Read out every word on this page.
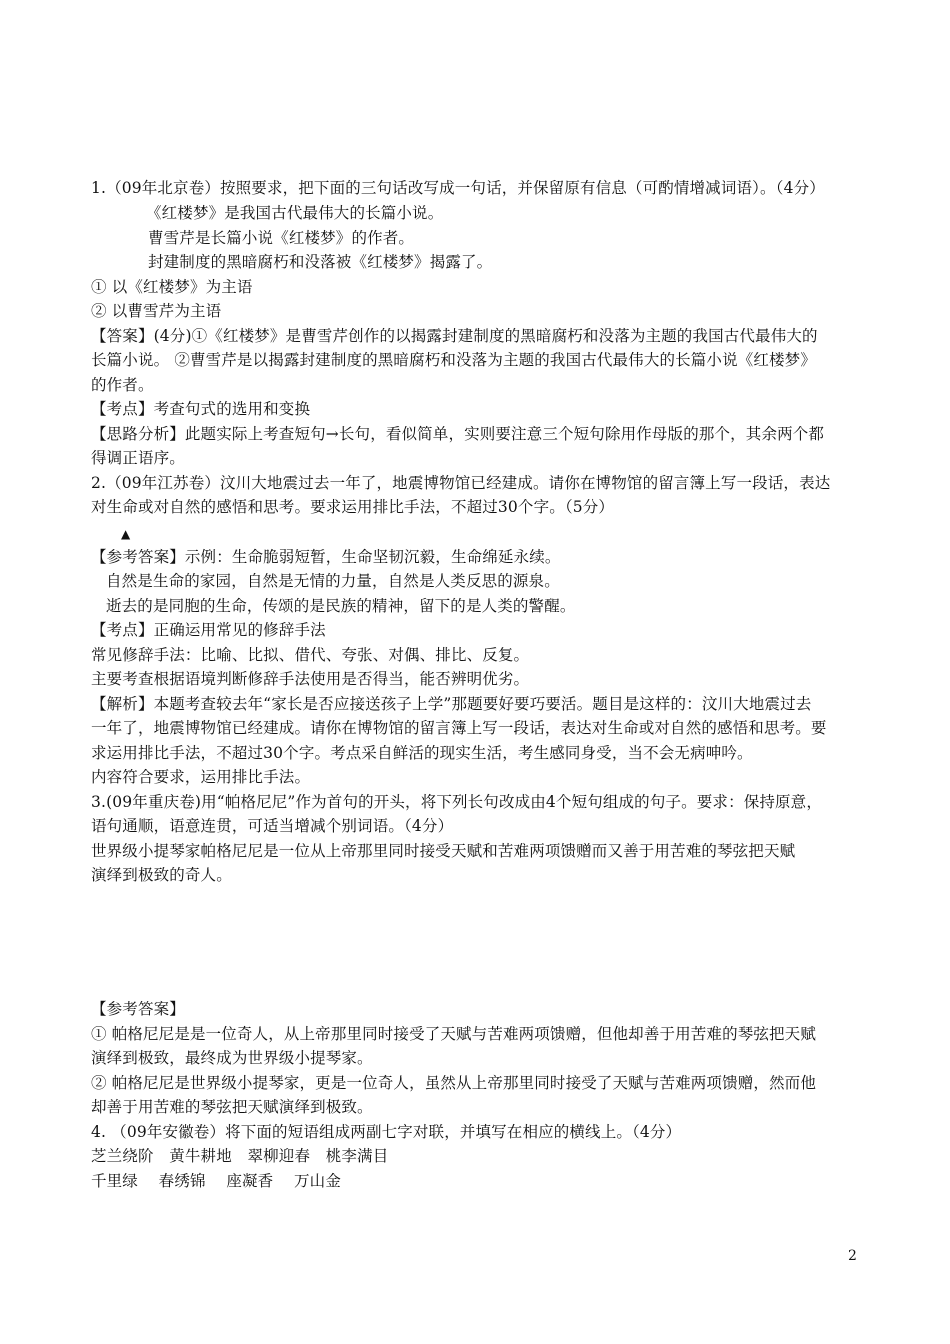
1.（09年北京卷）按照要求，把下面的三句话改写成一句话，并保留原有信息（可酌情增减词语）。（4分）
《红楼梦》是我国古代最伟大的长篇小说。
曹雪芹是长篇小说《红楼梦》的作者。
封建制度的黑暗腐朽和没落被《红楼梦》揭露了。
① 以《红楼梦》为主语
② 以曹雪芹为主语
【答案】(4分)①《红楼梦》是曹雪芹创作的以揭露封建制度的黑暗腐朽和没落为主题的我国古代最伟大的
长篇小说。 ②曹雪芹是以揭露封建制度的黑暗腐朽和没落为主题的我国古代最伟大的长篇小说《红楼梦》
的作者。
【考点】考查句式的选用和变换
【思路分析】此题实际上考查短句→长句，看似简单，实则要注意三个短句除用作母版的那个，其余两个都
得调正语序。
2.（09年江苏卷）汶川大地震过去一年了，地震博物馆已经建成。请你在博物馆的留言簿上写一段话，表达
对生命或对自然的感悟和思考。要求运用排比手法，不超过30个字。（5分）
▲
【参考答案】示例：生命脆弱短暂，生命坚韧沉毅，生命绵延永续。
自然是生命的家园，自然是无情的力量，自然是人类反思的源泉。
逝去的是同胞的生命，传颂的是民族的精神，留下的是人类的警醒。
【考点】正确运用常见的修辞手法
常见修辞手法：比喻、比拟、借代、夸张、对偶、排比、反复。
主要考查根据语境判断修辞手法使用是否得当，能否辨明优劣。
【解析】本题考查较去年“家长是否应接送孩子上学”那题要好要巧要活。题目是这样的：汶川大地震过去
一年了，地震博物馆已经建成。请你在博物馆的留言簿上写一段话，表达对生命或对自然的感悟和思考。要
求运用排比手法，不超过30个字。考点采自鲜活的现实生活，考生感同身受，当不会无病呻吟。
内容符合要求，运用排比手法。
3.(09年重庆卷)用“帕格尼尼”作为首句的开头，将下列长句改成由4个短句组成的句子。要求：保持原意，
语句通顺，语意连贯，可适当增减个别词语。（4分）
世界级小提琴家帕格尼尼是一位从上帝那里同时接受天赋和苦难两项馈赠而又善于用苦难的琴弦把天赋
演绎到极致的奇人。
【参考答案】
① 帕格尼尼是是一位奇人，从上帝那里同时接受了天赋与苦难两项馈赠，但他却善于用苦难的琴弦把天赋
演绎到极致，最终成为世界级小提琴家。
② 帕格尼尼是世界级小提琴家，更是一位奇人，虽然从上帝那里同时接受了天赋与苦难两项馈赠，然而他
却善于用苦难的琴弦把天赋演绎到极致。
4. （09年安徽卷）将下面的短语组成两副七字对联，并填写在相应的横线上。（4分）
芝兰绕阶　黄牛耕地　翠柳迎春　桃李满目
千里绿　 春绣锦　 座凝香　 万山金
2
